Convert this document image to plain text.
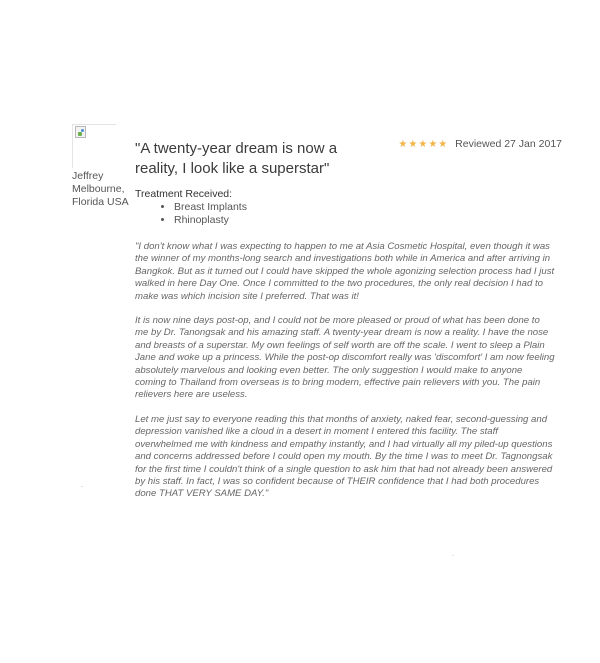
Jeffrey
Melbourne,
Florida USA
"A twenty-year dream is now a reality, I look like a superstar"
★★★★★ Reviewed 27 Jan 2017
Treatment Received:
• Breast Implants
• Rhinoplasty

"I don't know what I was expecting to happen to me at Asia Cosmetic Hospital, even though it was the winner of my months-long search and investigations both while in America and after arriving in Bangkok. But as it turned out I could have skipped the whole agonizing selection process had I just walked in here Day One. Once I committed to the two procedures, the only real decision I had to make was which incision site I preferred. That was it!

It is now nine days post-op, and I could not be more pleased or proud of what has been done to me by Dr. Tanongsak and his amazing staff. A twenty-year dream is now a reality. I have the nose and breasts of a superstar. My own feelings of self worth are off the scale. I went to sleep a Plain Jane and woke up a princess. While the post-op discomfort really was 'discomfort' I am now feeling absolutely marvelous and looking even better. The only suggestion I would make to anyone coming to Thailand from overseas is to bring modern, effective pain relievers with you. The pain relievers here are useless.

Let me just say to everyone reading this that months of anxiety, naked fear, second-guessing and depression vanished like a cloud in a desert in moment I entered this facility. The staff overwhelmed me with kindness and empathy instantly, and I had virtually all my piled-up questions and concerns addressed before I could open my mouth. By the time I was to meet Dr. Tagnongsak for the first time I couldn't think of a single question to ask him that had not already been answered by his staff. In fact, I was so confident because of THEIR confidence that I had both procedures done THAT VERY SAME DAY."
